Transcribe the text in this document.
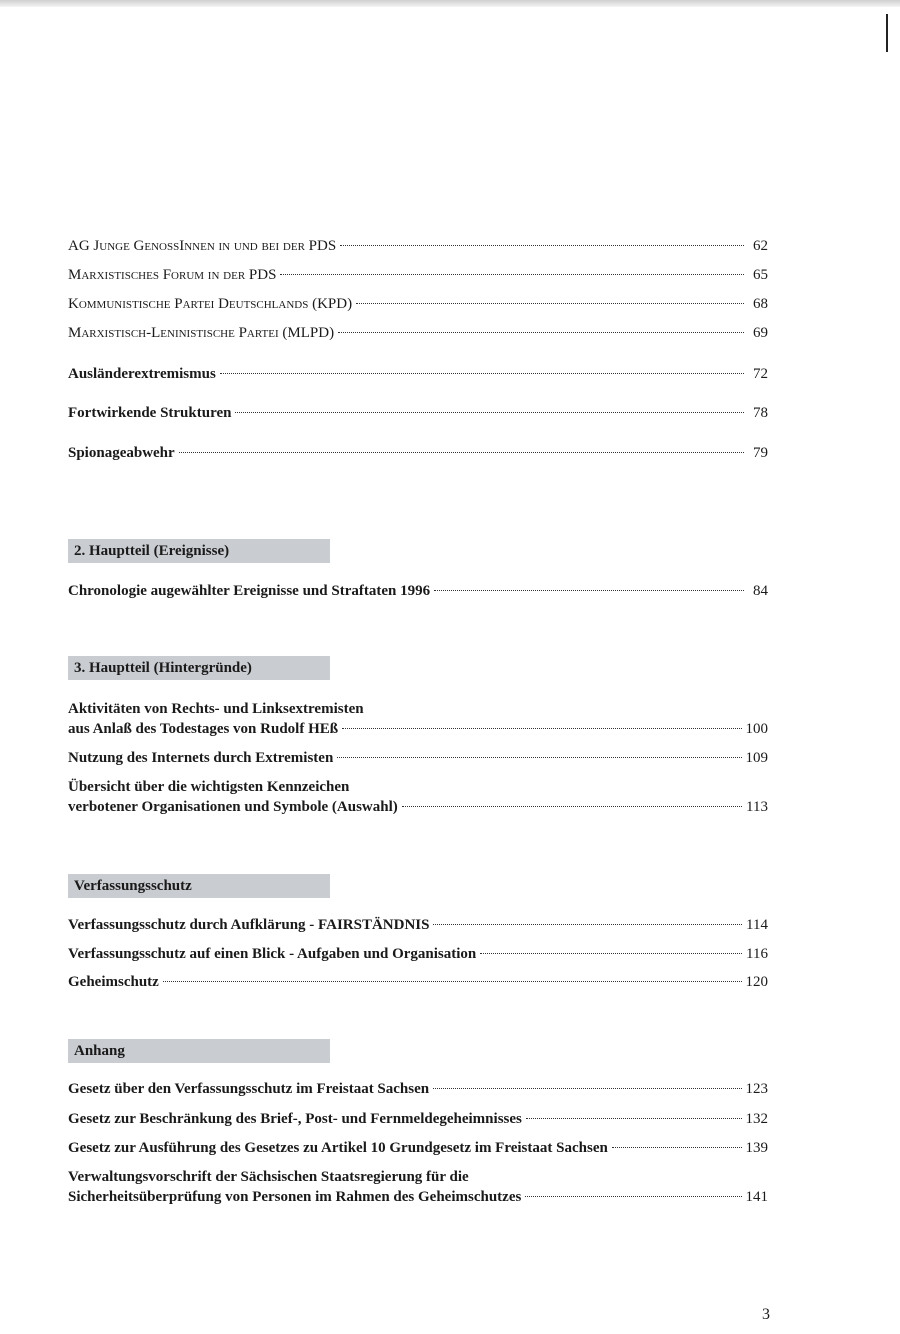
AG Junge GenossInnen in und bei der PDS	62
Marxistisches Forum in der PDS	65
Kommunistische Partei Deutschlands (KPD)	68
Marxistisch-Leninistische Partei (MLPD)	69
Ausländerextremismus	72
Fortwirkende Strukturen	78
Spionageabwehr	79
2. Hauptteil (Ereignisse)
Chronologie augewählter Ereignisse und Straftaten 1996	84
3. Hauptteil (Hintergründe)
Aktivitäten von Rechts- und Linksextremisten
aus Anlaß des Todestages von Rudolf HEß	100
Nutzung des Internets durch Extremisten	109
Übersicht über die wichtigsten Kennzeichen
verbotener Organisationen und Symbole (Auswahl)	113
Verfassungsschutz
Verfassungsschutz durch Aufklärung - FAIRSTÄNDNIS	114
Verfassungsschutz auf einen Blick - Aufgaben und Organisation	116
Geheimschutz	120
Anhang
Gesetz über den Verfassungsschutz im Freistaat Sachsen	123
Gesetz zur Beschränkung des Brief-, Post- und Fernmeldegeheimnisses	132
Gesetz zur Ausführung des Gesetzes zu Artikel 10 Grundgesetz im Freistaat Sachsen	139
Verwaltungsvorschrift der Sächsischen Staatsregierung für die
Sicherheitsüberprüfung von Personen im Rahmen des Geheimschutzes	141
3
